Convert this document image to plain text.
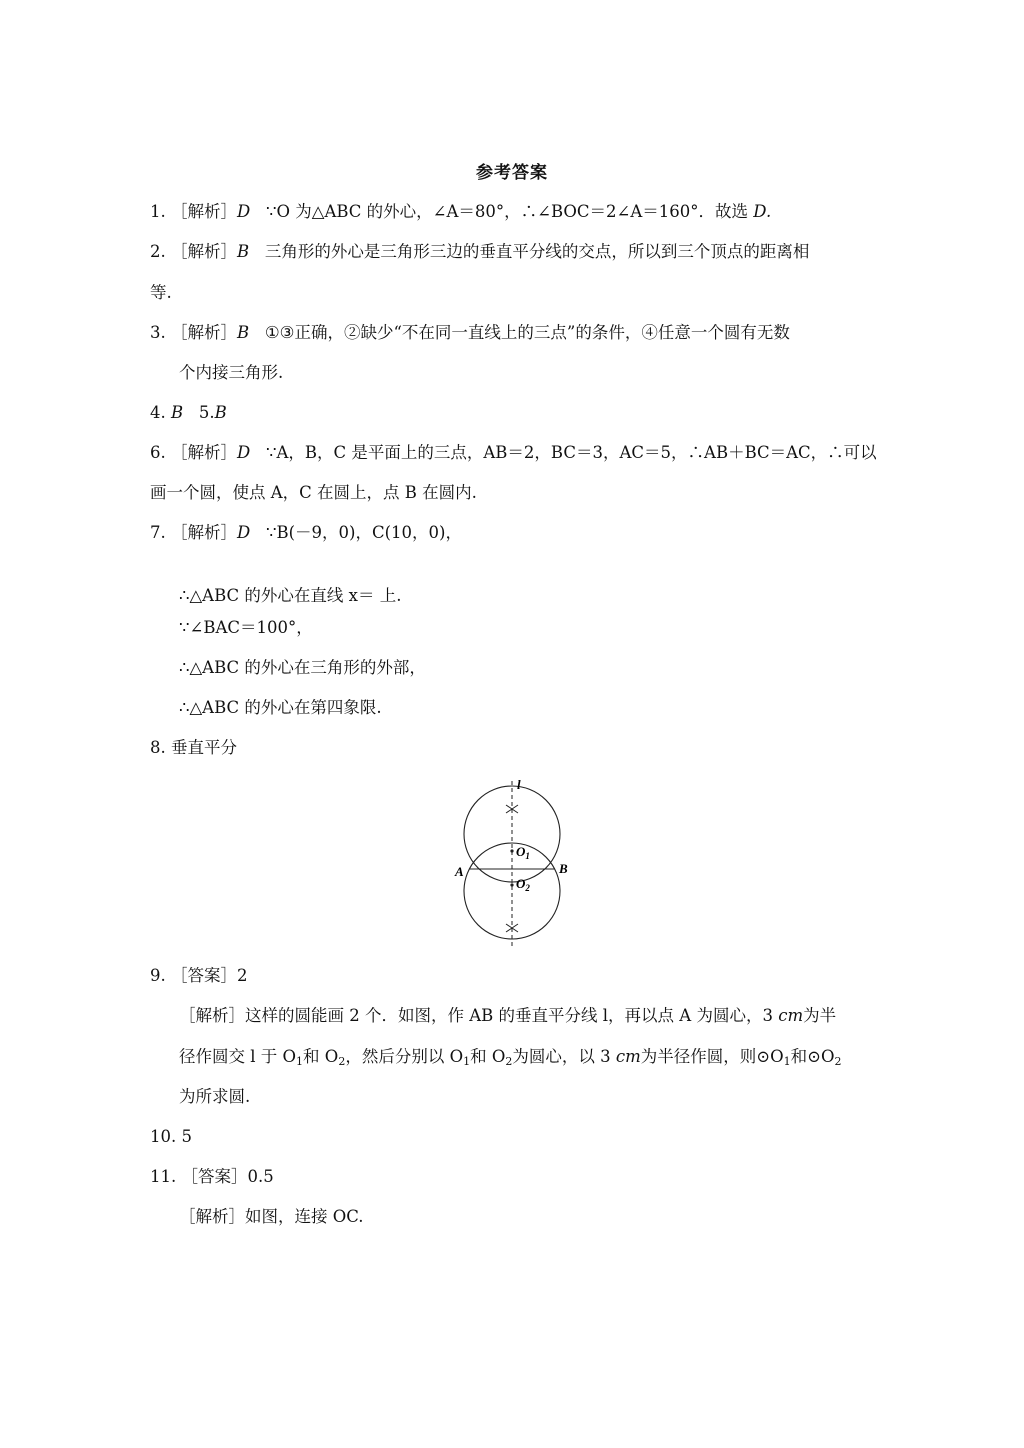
参考答案
1. ［解析］D ∵O 为△ABC 的外心，∠A＝80°，∴∠BOC＝2∠A＝160°．故选 D.
2. ［解析］B 三角形的外心是三角形三边的垂直平分线的交点，所以到三个顶点的距离相
等.
3. ［解析］B ①③正确，②缺少“不在同一直线上的三点”的条件，④任意一个圆有无数
个内接三角形.
4. B 5.B
6. ［解析］D ∵A，B，C 是平面上的三点，AB＝2，BC＝3，AC＝5，∴AB＋BC＝AC，∴可以
画一个圆，使点 A，C 在圆上，点 B 在圆内.
7. ［解析］D ∵B(－9，0)，C(10，0)，
∴△ABC 的外心在直线 x＝ 上.
∵∠BAC＝100°，
∴△ABC 的外心在三角形的外部，
∴△ABC 的外心在第四象限.
8. 垂直平分
l
A	B
$O_1$
$O_2$
9. ［答案］2
［解析］这样的圆能画 2 个．如图，作 AB 的垂直平分线 l，再以点 A 为圆心，3 cm为半
径作圆交 l 于 $O_1$和 $O_2$，然后分别以 $O_1$和 $O_2$为圆心，以 3 cm为半径作圆，则$⊙O_1$和$⊙O_2$
为所求圆.
10. 5
11. ［答案］0.5
［解析］如图，连接 OC.
